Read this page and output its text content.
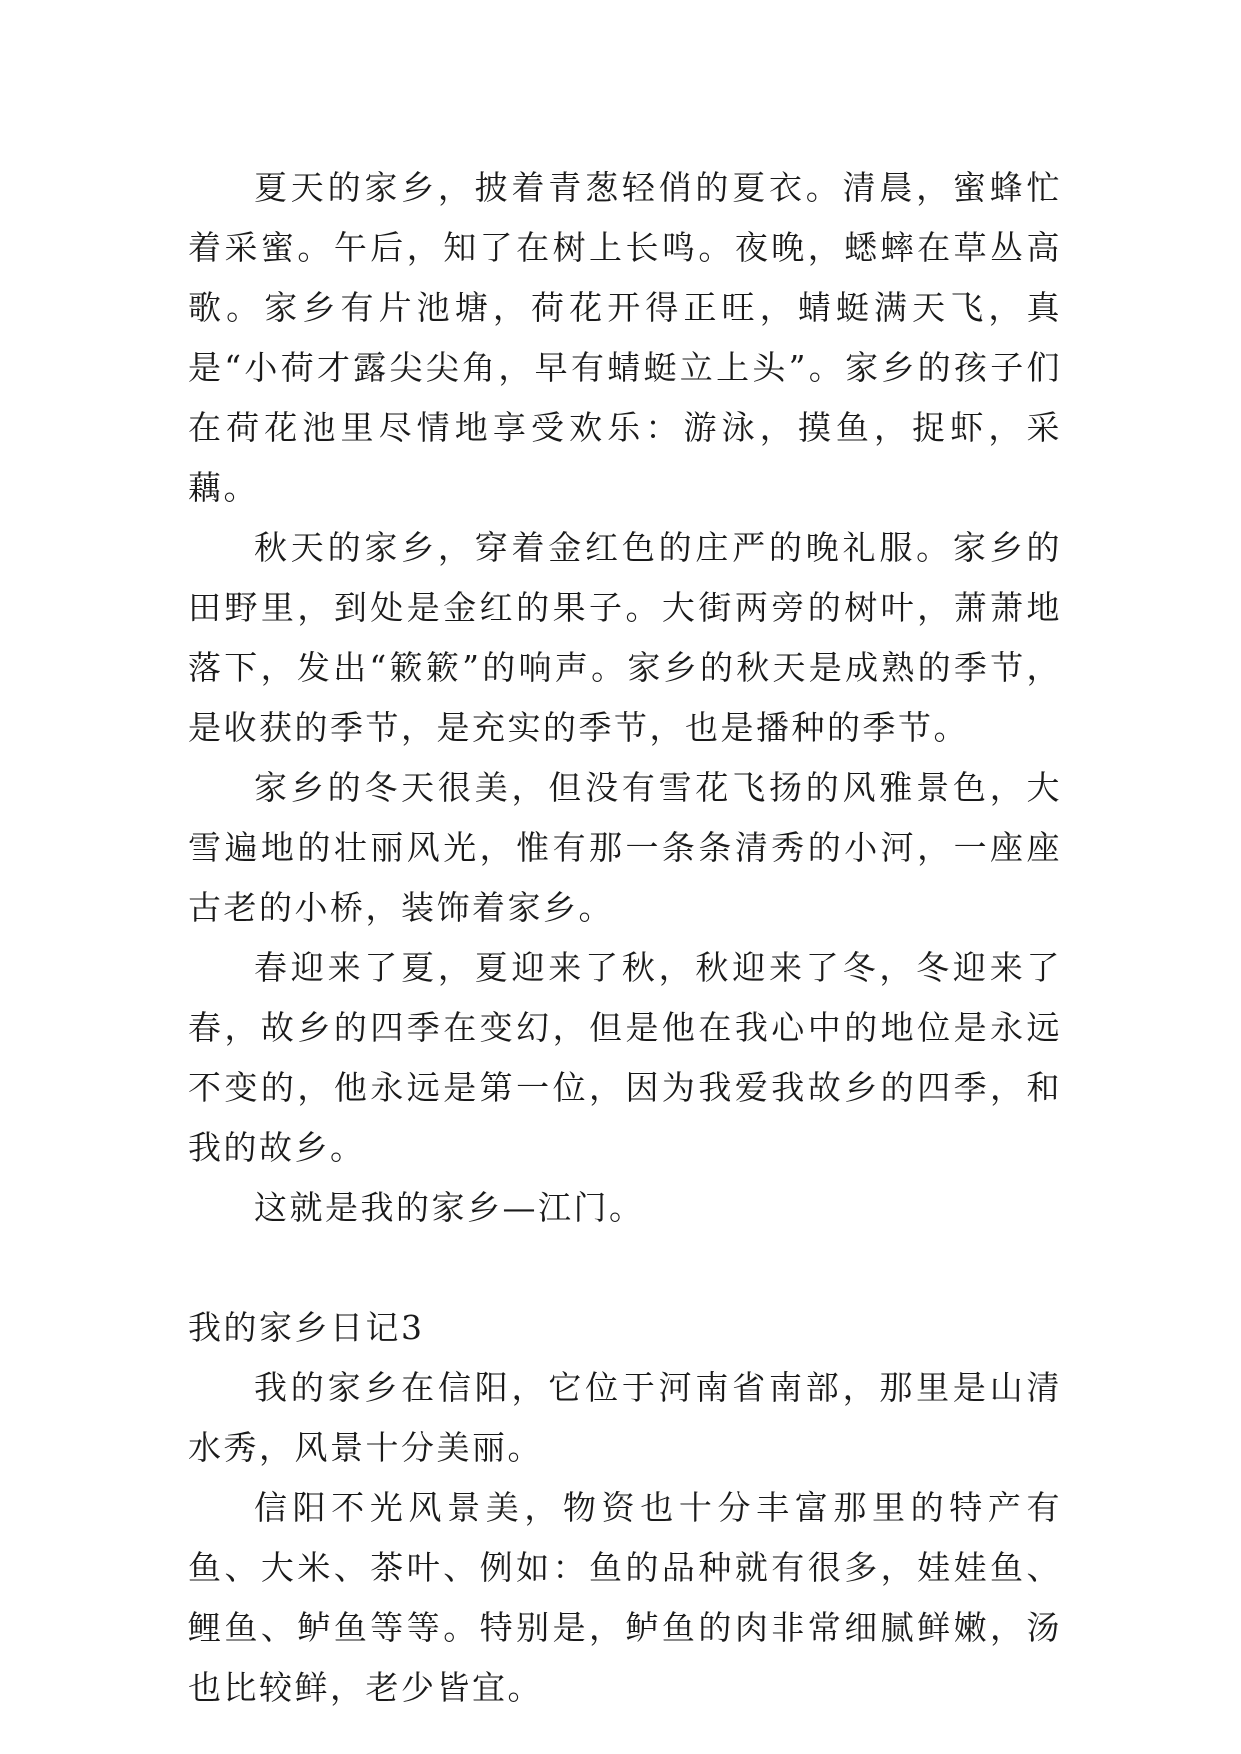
夏天的家乡，披着青葱轻俏的夏衣。清晨，蜜蜂忙着采蜜。午后，知了在树上长鸣。夜晚，蟋蟀在草丛高歌。家乡有片池塘，荷花开得正旺，蜻蜓满天飞，真是“小荷才露尖尖角，早有蜻蜓立上头”。家乡的孩子们在荷花池里尽情地享受欢乐：游泳，摸鱼，捉虾，采藕。

秋天的家乡，穿着金红色的庄严的晚礼服。家乡的田野里，到处是金红的果子。大街两旁的树叶，萧萧地落下，发出“簌簌”的响声。家乡的秋天是成熟的季节，是收获的季节，是充实的季节，也是播种的季节。

家乡的冬天很美，但没有雪花飞扬的风雅景色，大雪遍地的壮丽风光，惟有那一条条清秀的小河，一座座古老的小桥，装饰着家乡。

春迎来了夏，夏迎来了秋，秋迎来了冬，冬迎来了春，故乡的四季在变幻，但是他在我心中的地位是永远不变的，他永远是第一位，因为我爱我故乡的四季，和我的故乡。

这就是我的家乡—江门。

我的家乡日记3

我的家乡在信阳，它位于河南省南部，那里是山清水秀，风景十分美丽。

信阳不光风景美，物资也十分丰富那里的特产有鱼、大米、茶叶、例如：鱼的品种就有很多，娃娃鱼、鲤鱼、鲈鱼等等。特别是，鲈鱼的肉非常细腻鲜嫩，汤也比较鲜，老少皆宜。
